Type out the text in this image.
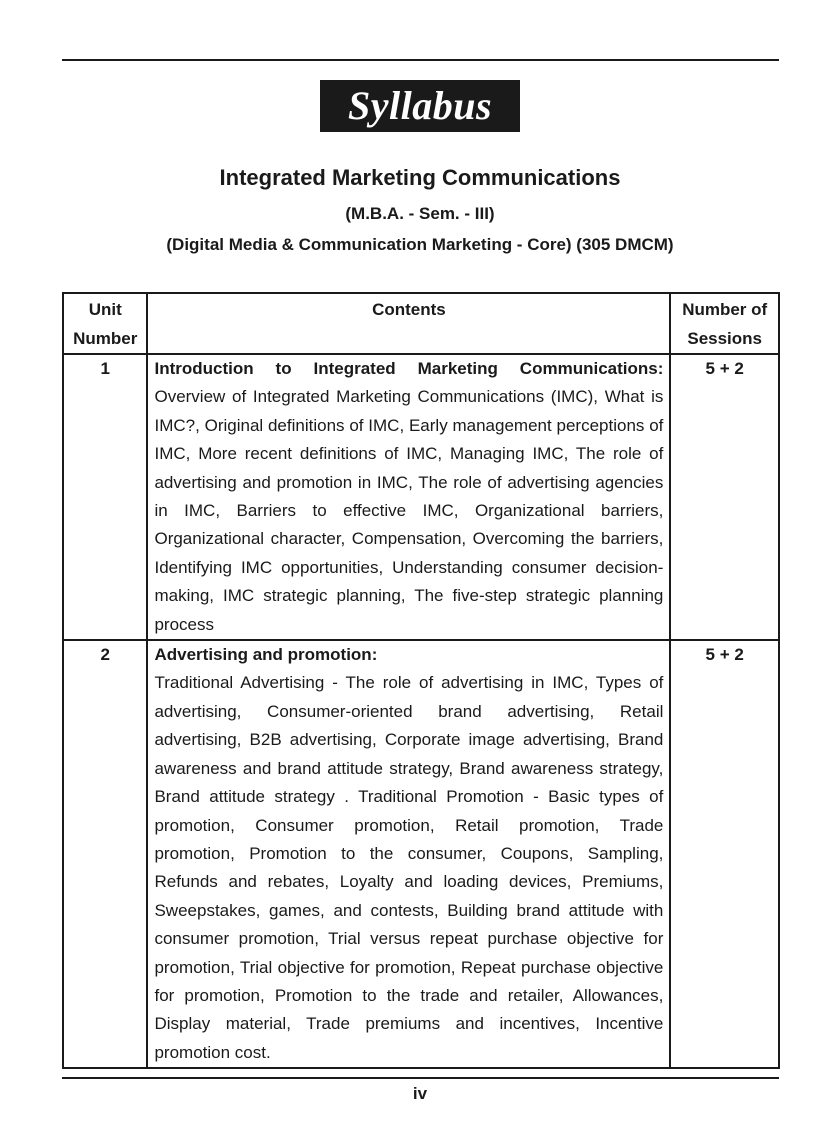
Syllabus
Integrated Marketing Communications
(M.B.A. - Sem. - III)
(Digital Media & Communication Marketing - Core) (305 DMCM)
Unit Number	Contents	Number of Sessions
1	Introduction to Integrated Marketing Communications:
Overview of Integrated Marketing Communications (IMC), What is IMC?, Original definitions of IMC, Early management perceptions of IMC, More recent definitions of IMC, Managing IMC, The role of advertising and promotion in IMC, The role of advertising agencies in IMC, Barriers to effective IMC, Organizational barriers, Organizational character, Compensation, Overcoming the barriers, Identifying IMC opportunities, Understanding consumer decision-making, IMC strategic planning, The five-step strategic planning process	5 + 2
2	Advertising and promotion:
Traditional Advertising - The role of advertising in IMC, Types of advertising, Consumer-oriented brand advertising, Retail advertising, B2B advertising, Corporate image advertising, Brand awareness and brand attitude strategy, Brand awareness strategy, Brand attitude strategy . Traditional Promotion - Basic types of promotion, Consumer promotion, Retail promotion, Trade promotion, Promotion to the consumer, Coupons, Sampling, Refunds and rebates, Loyalty and loading devices, Premiums, Sweepstakes, games, and contests, Building brand attitude with consumer promotion, Trial versus repeat purchase objective for promotion, Trial objective for promotion, Repeat purchase objective for promotion, Promotion to the trade and retailer, Allowances, Display material, Trade premiums and incentives, Incentive promotion cost.	5 + 2
iv
